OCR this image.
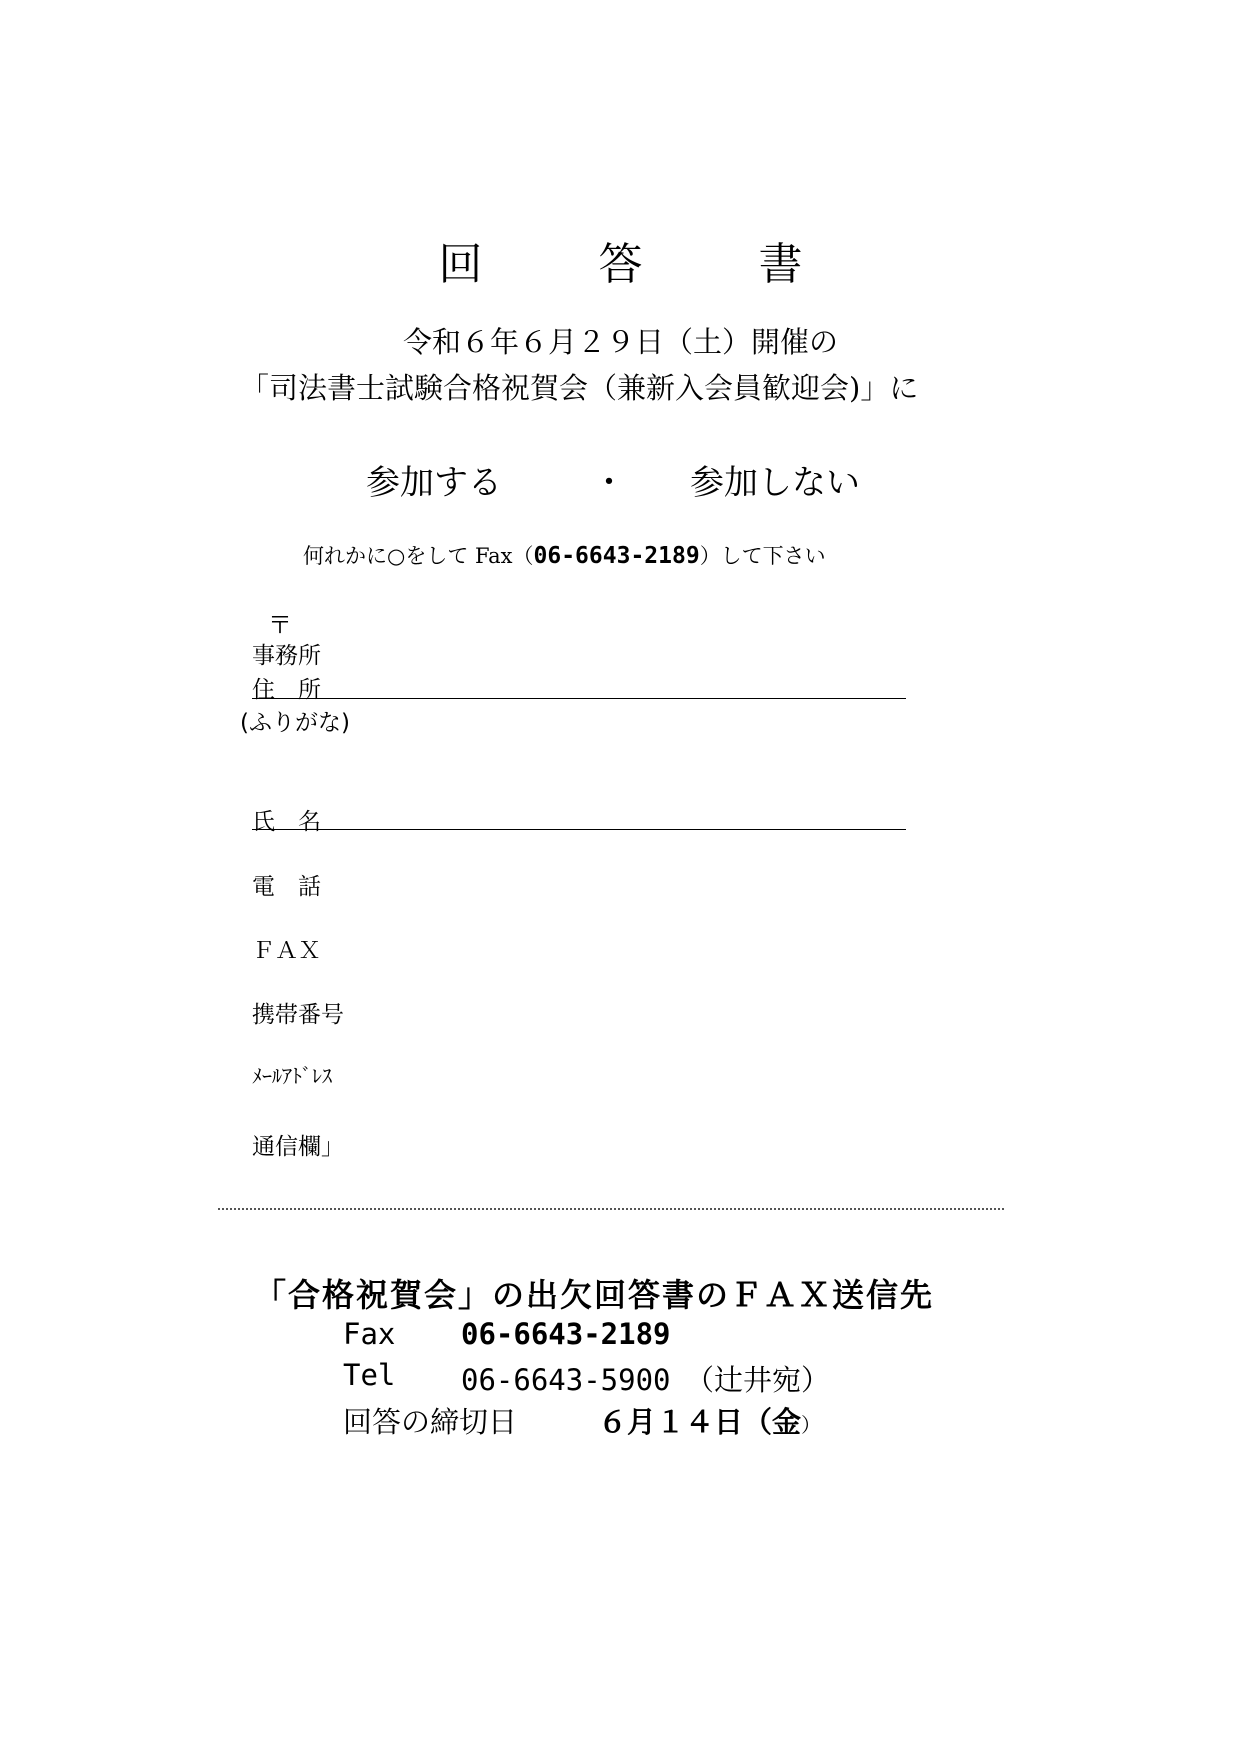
回　答　書
令和６年６月２９日（土）開催の
「司法書士試験合格祝賀会（兼新入会員歓迎会)」に
参加する	・ 参加しない
何れかに○をして Fax（06-6643-2189）して下さい
〒
事務所
住　所
(ふりがな)
氏　名
電　話
ＦＡＸ
携帯番号
ﾒｰﾙｱﾄﾞﾚｽ
通信欄」
「合格祝賀会」の出欠回答書のＦＡＸ送信先
Fax 06-6643-2189
Tel 06-6643-5900　（辻井宛）
回答の締切日	６月１４日（金）
